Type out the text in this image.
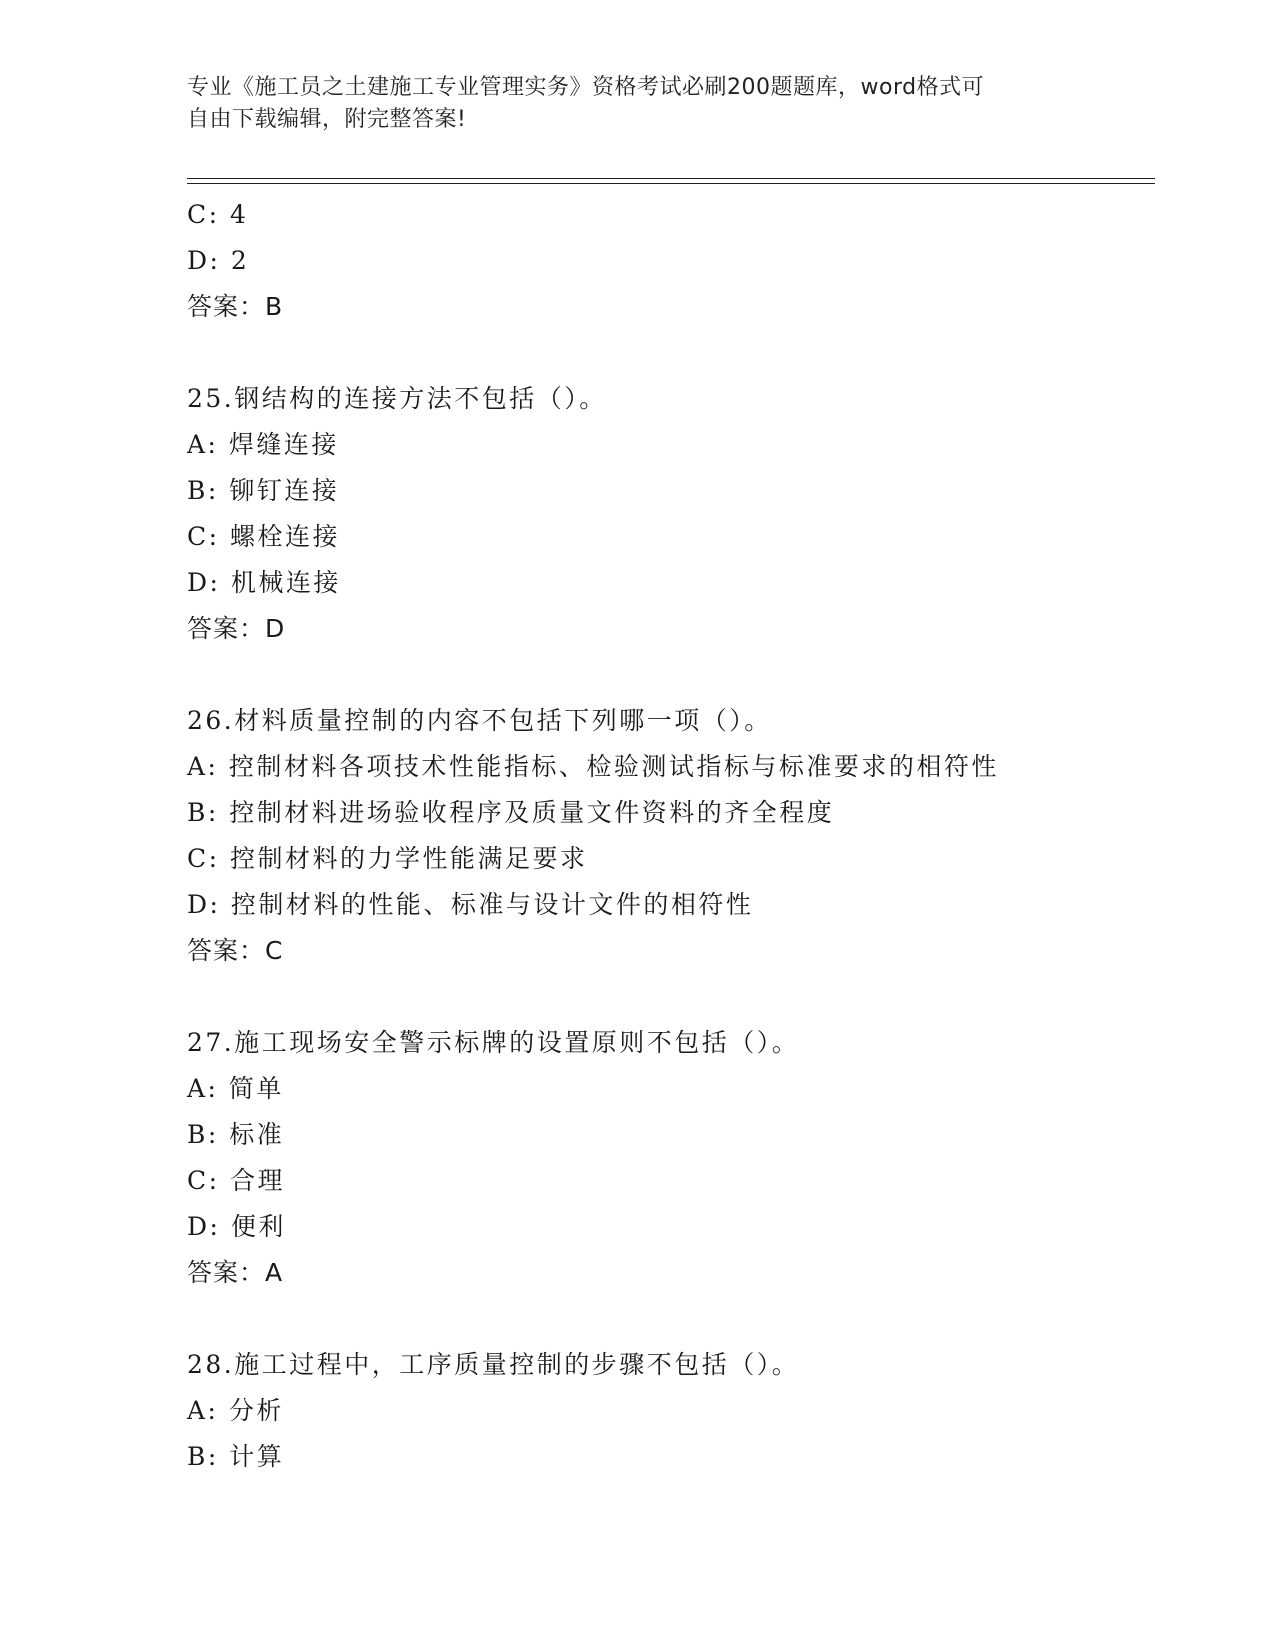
专业《施工员之土建施工专业管理实务》资格考试必刷200题题库，word格式可
自由下载编辑，附完整答案!
C: 4
D: 2
答案：B
25.钢结构的连接方法不包括（）。
A: 焊缝连接
B: 铆钉连接
C: 螺栓连接
D: 机械连接
答案：D
26.材料质量控制的内容不包括下列哪一项（）。
A: 控制材料各项技术性能指标、检验测试指标与标准要求的相符性
B: 控制材料进场验收程序及质量文件资料的齐全程度
C: 控制材料的力学性能满足要求
D: 控制材料的性能、标准与设计文件的相符性
答案：C
27.施工现场安全警示标牌的设置原则不包括（）。
A: 简单
B: 标准
C: 合理
D: 便利
答案：A
28.施工过程中，工序质量控制的步骤不包括（）。
A: 分析
B: 计算
